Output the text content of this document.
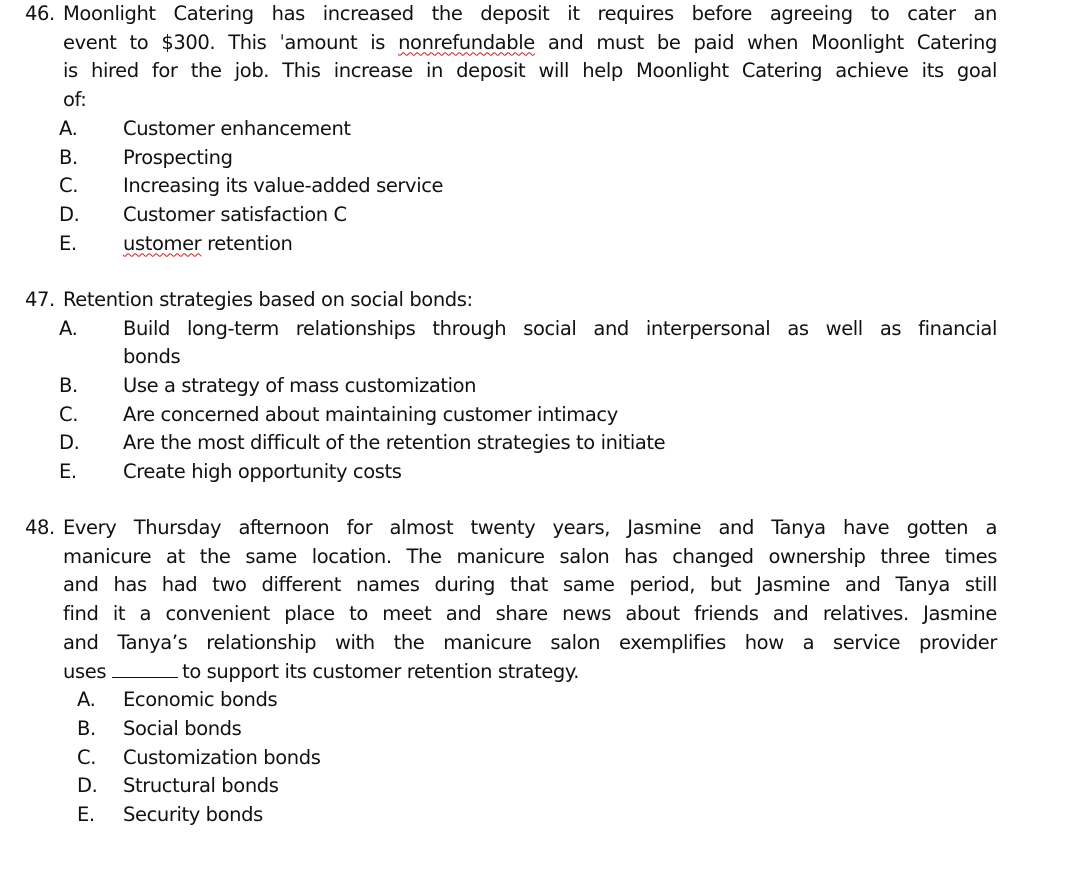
46. Moonlight Catering has increased the deposit it requires before agreeing to cater an
event to $300. This ˈamount is nonrefundable and must be paid when Moonlight Catering
is hired for the job. This increase in deposit will help Moonlight Catering achieve its goal
of:
A. Customer enhancement
B. Prospecting
C. Increasing its value-added service
D. Customer satisfaction C
E. ustomer retention
47. Retention strategies based on social bonds:
A. Build long-term relationships through social and interpersonal as well as financial
bonds
B. Use a strategy of mass customization
C. Are concerned about maintaining customer intimacy
D. Are the most difficult of the retention strategies to initiate
E. Create high opportunity costs
48. Every Thursday afternoon for almost twenty years, Jasmine and Tanya have gotten a
manicure at the same location. The manicure salon has changed ownership three times
and has had two different names during that same period, but Jasmine and Tanya still
find it a convenient place to meet and share news about friends and relatives. Jasmine
and Tanya’s relationship with the manicure salon exemplifies how a service provider
uses	to support its customer retention strategy.
A. Economic bonds
B. Social bonds
C. Customization bonds
D. Structural bonds
E. Security bonds
